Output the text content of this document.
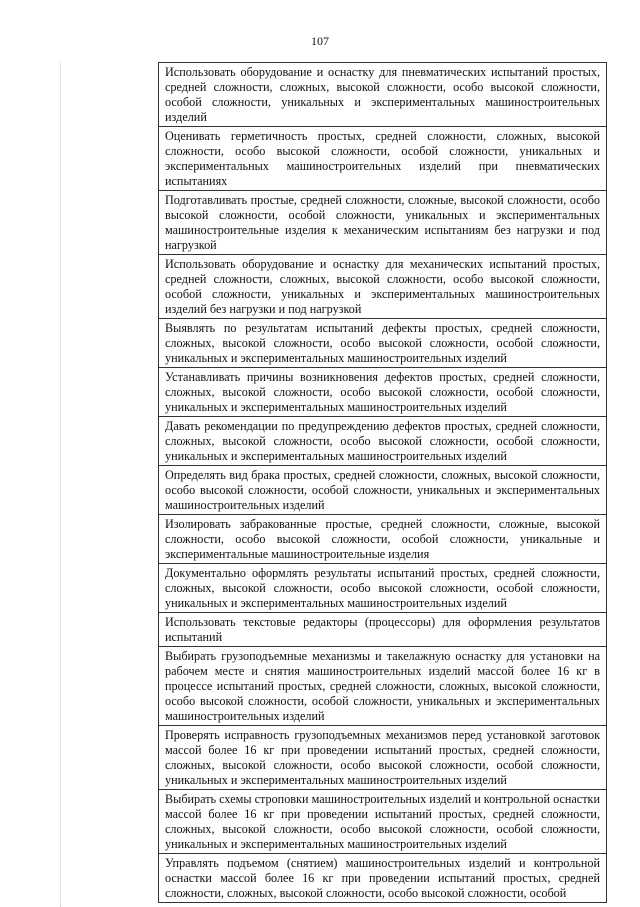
107
Использовать оборудование и оснастку для пневматических испытаний простых, средней сложности, сложных, высокой сложности, особо высокой сложности, особой сложности, уникальных и экспериментальных машиностроительных изделий
Оценивать герметичность простых, средней сложности, сложных, высокой сложности, особо высокой сложности, особой сложности, уникальных и экспериментальных машиностроительных изделий при пневматических испытаниях
Подготавливать простые, средней сложности, сложные, высокой сложности, особо высокой сложности, особой сложности, уникальных и экспериментальных машиностроительные изделия к механическим испытаниям без нагрузки и под нагрузкой
Использовать оборудование и оснастку для механических испытаний простых, средней сложности, сложных, высокой сложности, особо высокой сложности, особой сложности, уникальных и экспериментальных машиностроительных изделий без нагрузки и под нагрузкой
Выявлять по результатам испытаний дефекты простых, средней сложности, сложных, высокой сложности, особо высокой сложности, особой сложности, уникальных и экспериментальных машиностроительных изделий
Устанавливать причины возникновения дефектов простых, средней сложности, сложных, высокой сложности, особо высокой сложности, особой сложности, уникальных и экспериментальных машиностроительных изделий
Давать рекомендации по предупреждению дефектов простых, средней сложности, сложных, высокой сложности, особо высокой сложности, особой сложности, уникальных и экспериментальных машиностроительных изделий
Определять вид брака простых, средней сложности, сложных, высокой сложности, особо высокой сложности, особой сложности, уникальных и экспериментальных машиностроительных изделий
Изолировать забракованные простые, средней сложности, сложные, высокой сложности, особо высокой сложности, особой сложности, уникальные и экспериментальные машиностроительные изделия
Документально оформлять результаты испытаний простых, средней сложности, сложных, высокой сложности, особо высокой сложности, особой сложности, уникальных и экспериментальных машиностроительных изделий
Использовать текстовые редакторы (процессоры) для оформления результатов испытаний
Выбирать грузоподъемные механизмы и такелажную оснастку для установки на рабочем месте и снятия машиностроительных изделий массой более 16 кг в процессе испытаний простых, средней сложности, сложных, высокой сложности, особо высокой сложности, особой сложности, уникальных и экспериментальных машиностроительных изделий
Проверять исправность грузоподъемных механизмов перед установкой заготовок массой более 16 кг при проведении испытаний простых, средней сложности, сложных, высокой сложности, особо высокой сложности, особой сложности, уникальных и экспериментальных машиностроительных изделий
Выбирать схемы строповки машиностроительных изделий и контрольной оснастки массой более 16 кг при проведении испытаний простых, средней сложности, сложных, высокой сложности, особо высокой сложности, особой сложности, уникальных и экспериментальных машиностроительных изделий
Управлять подъемом (снятием) машиностроительных изделий и контрольной оснастки массой более 16 кг при проведении испытаний простых, средней сложности, сложных, высокой сложности, особо высокой сложности, особой
